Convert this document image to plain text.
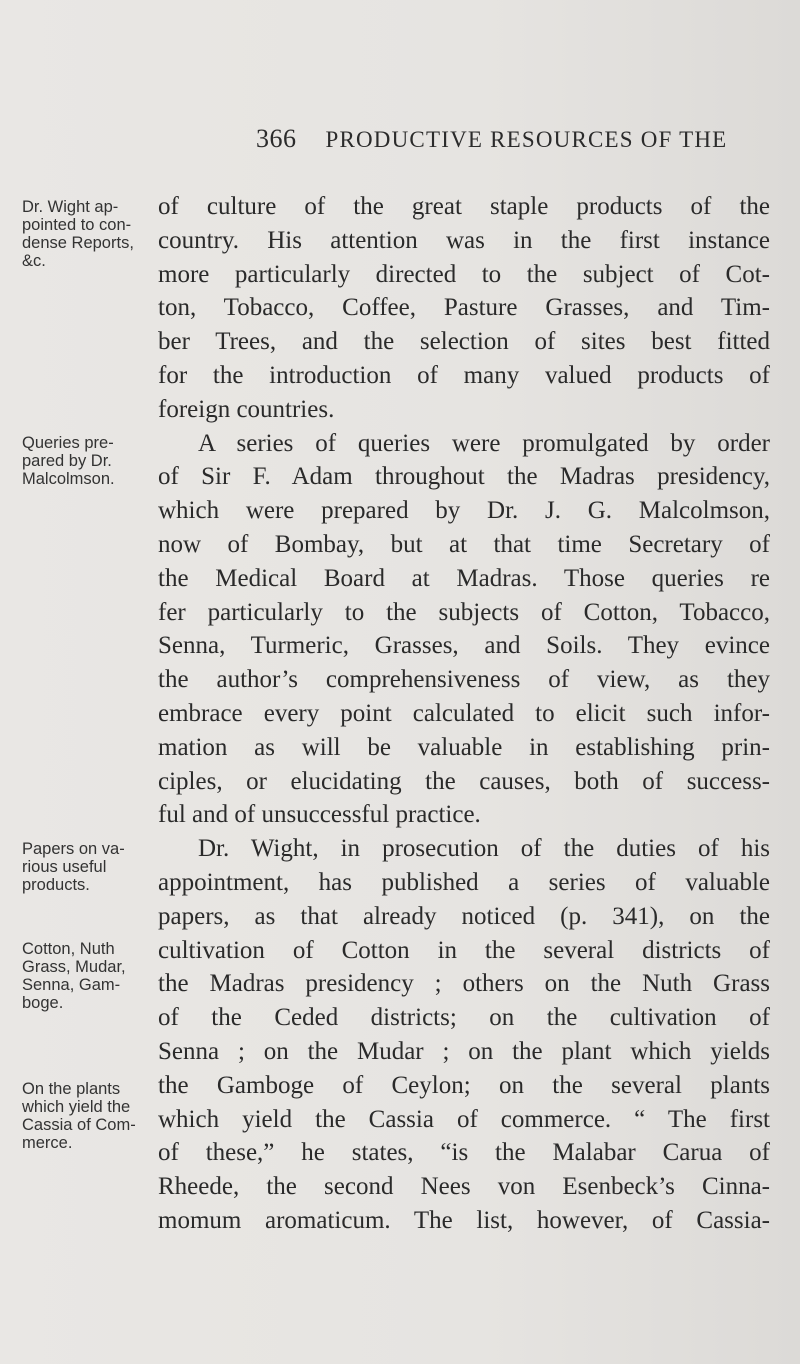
366 PRODUCTIVE RESOURCES OF THE
Dr. Wight ap-
pointed to con-
dense Reports,
&c.
Queries pre-
pared by Dr.
Malcolmson.
Papers on va-
rious useful
products.
Cotton, Nuth
Grass, Mudar,
Senna, Gam-
boge.
On the plants
which yield the
Cassia of Com-
merce.
of culture of the great staple products of the
country. His attention was in the first instance
more particularly directed to the subject of Cot-
ton, Tobacco, Coffee, Pasture Grasses, and Tim-
ber Trees, and the selection of sites best fitted
for the introduction of many valued products of
foreign countries.
A series of queries were promulgated by order
of Sir F. Adam throughout the Madras presidency,
which were prepared by Dr. J. G. Malcolmson,
now of Bombay, but at that time Secretary of
the Medical Board at Madras. Those queries re
fer particularly to the subjects of Cotton, Tobacco,
Senna, Turmeric, Grasses, and Soils. They evince
the author’s comprehensiveness of view, as they
embrace every point calculated to elicit such infor-
mation as will be valuable in establishing prin-
ciples, or elucidating the causes, both of success-
ful and of unsuccessful practice.
Dr. Wight, in prosecution of the duties of his
appointment, has published a series of valuable
papers, as that already noticed (p. 341), on the
cultivation of Cotton in the several districts of
the Madras presidency ; others on the Nuth Grass
of the Ceded districts; on the cultivation of
Senna ; on the Mudar ; on the plant which yields
the Gamboge of Ceylon; on the several plants
which yield the Cassia of commerce. “ The first
of these,” he states, “is the Malabar Carua of
Rheede, the second Nees von Esenbeck’s Cinna-
momum aromaticum. The list, however, of Cassia-
